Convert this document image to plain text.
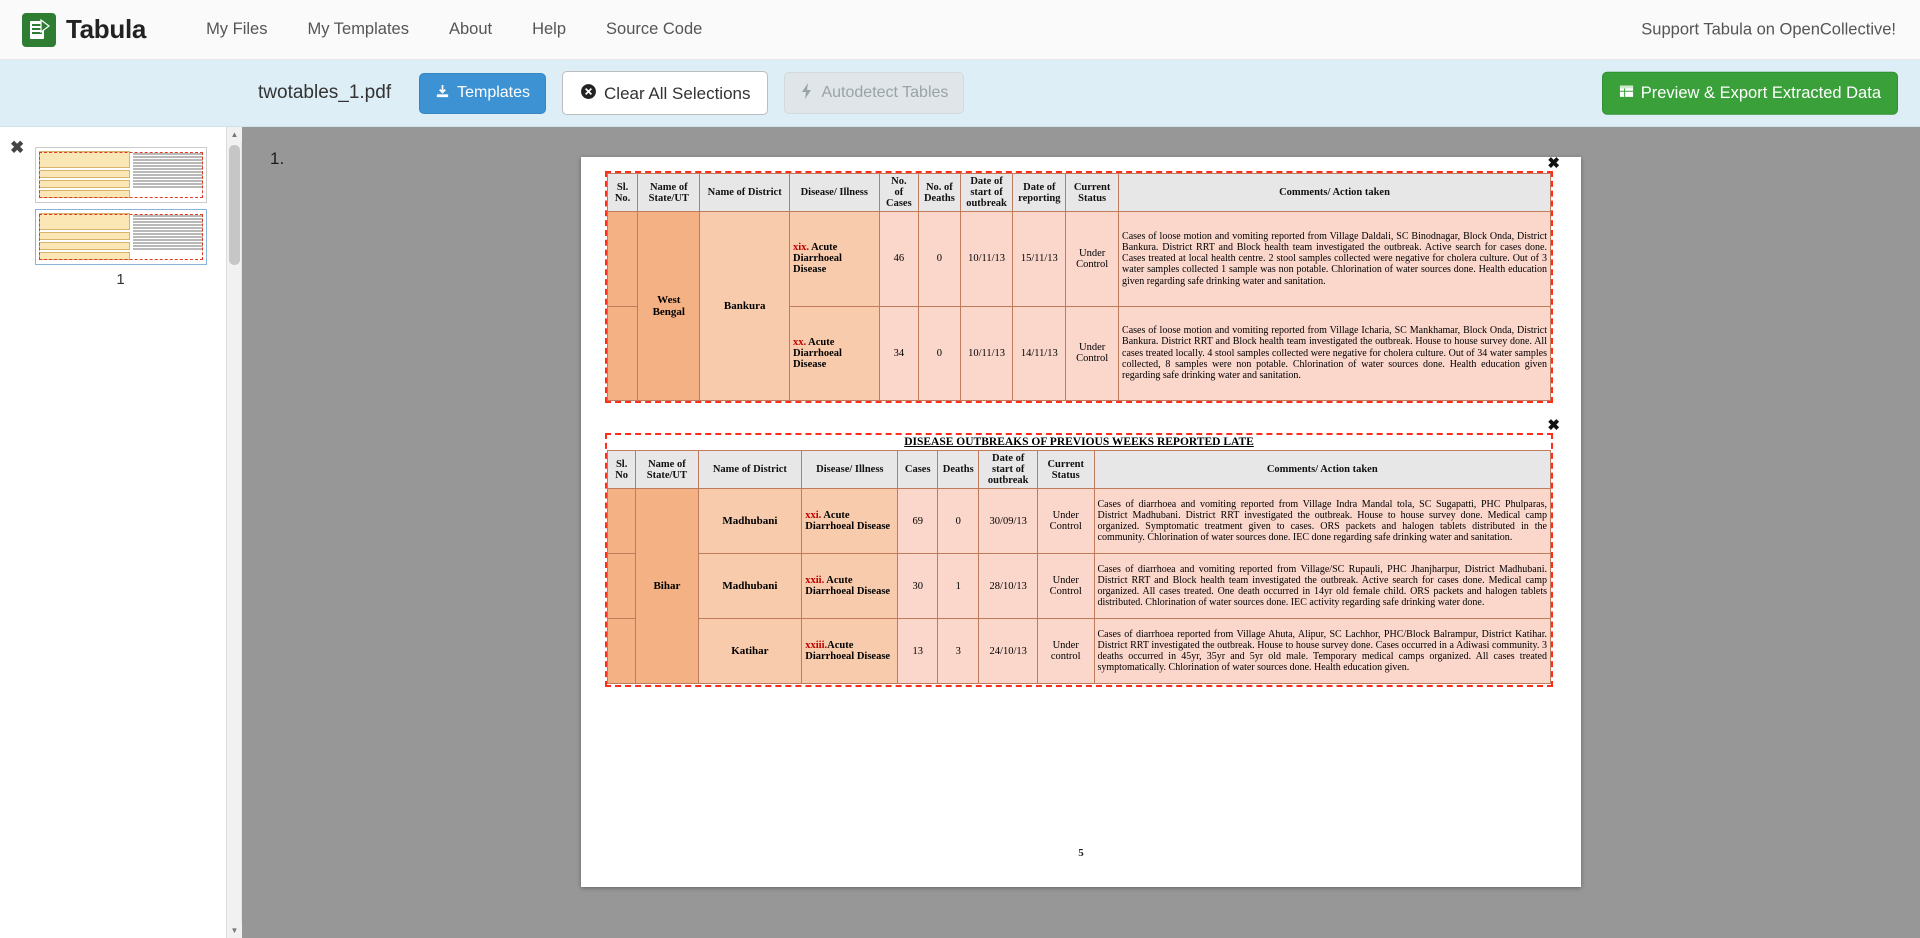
Tabula	My Files	My Templates	About	Help	Source Code	Support Tabula on OpenCollective!
twotables_1.pdf	Templates	Clear All Selections	Autodetect Tables	Preview & Export Extracted Data
✖
1
▲
▼
1.	✖
Sl.
No.	Name of
State/UT	Name of District	Disease/ Illness	No.
of
Cases	No. of
Deaths	Date of
start of
outbreak	Date of
reporting	Current
Status	Comments/ Action taken
	West Bengal	Bankura	xix. Acute Diarrhoeal Disease	46	0	10/11/13	15/11/13	Under Control	Cases of loose motion and vomiting reported from Village Daldali, SC Binodnagar, Block Onda, District Bankura. District RRT and Block health team investigated the outbreak. Active search for cases done. Cases treated at local health centre. 2 stool samples collected were negative for cholera culture. Out of 3 water samples collected 1 sample was non potable. Chlorination of water sources done. Health education given regarding safe drinking water and sanitation.
			xx. Acute Diarrhoeal Disease	34	0	10/11/13	14/11/13	Under Control	Cases of loose motion and vomiting reported from Village Icharia, SC Mankhamar, Block Onda, District Bankura. District RRT and Block health team investigated the outbreak. House to house survey done. All cases treated locally. 4 stool samples collected were negative for cholera culture. Out of 34 water samples collected, 8 samples were non potable. Chlorination of water sources done. Health education given regarding safe drinking water and sanitation.
✖
DISEASE OUTBREAKS OF PREVIOUS WEEKS REPORTED LATE
Sl.
No	Name of
State/UT	Name of District	Disease/ Illness	Cases	Deaths	Date of
start of
outbreak	Current
Status	Comments/ Action taken
	Bihar	Madhubani	xxi. Acute Diarrhoeal Disease	69	0	30/09/13	Under Control	Cases of diarrhoea and vomiting reported from Village Indra Mandal tola, SC Sugapatti, PHC Phulparas, District Madhubani. District RRT investigated the outbreak. House to house survey done. Medical camp organized. Symptomatic treatment given to cases. ORS packets and halogen tablets distributed in the community. Chlorination of water sources done. IEC done regarding safe drinking water and sanitation.
		Madhubani	xxii. Acute Diarrhoeal Disease	30	1	28/10/13	Under Control	Cases of diarrhoea and vomiting reported from Village/SC Rupauli, PHC Jhanjharpur, District Madhubani. District RRT and Block health team investigated the outbreak. Active search for cases done. Medical camp organized. All cases treated. One death occurred in 14yr old female child. ORS packets and halogen tablets distributed. Chlorination of water sources done. IEC activity regarding safe drinking water done.
		Katihar	xxiii.Acute Diarrhoeal Disease	13	3	24/10/13	Under control	Cases of diarrhoea reported from Village Ahuta, Alipur, SC Lachhor, PHC/Block Balrampur, District Katihar. District RRT investigated the outbreak. House to house survey done. Cases occurred in a Adiwasi community. 3 deaths occurred in 45yr, 35yr and 5yr old male. Temporary medical camps organized. All cases treated symptomatically. Chlorination of water sources done. Health education given.
5
